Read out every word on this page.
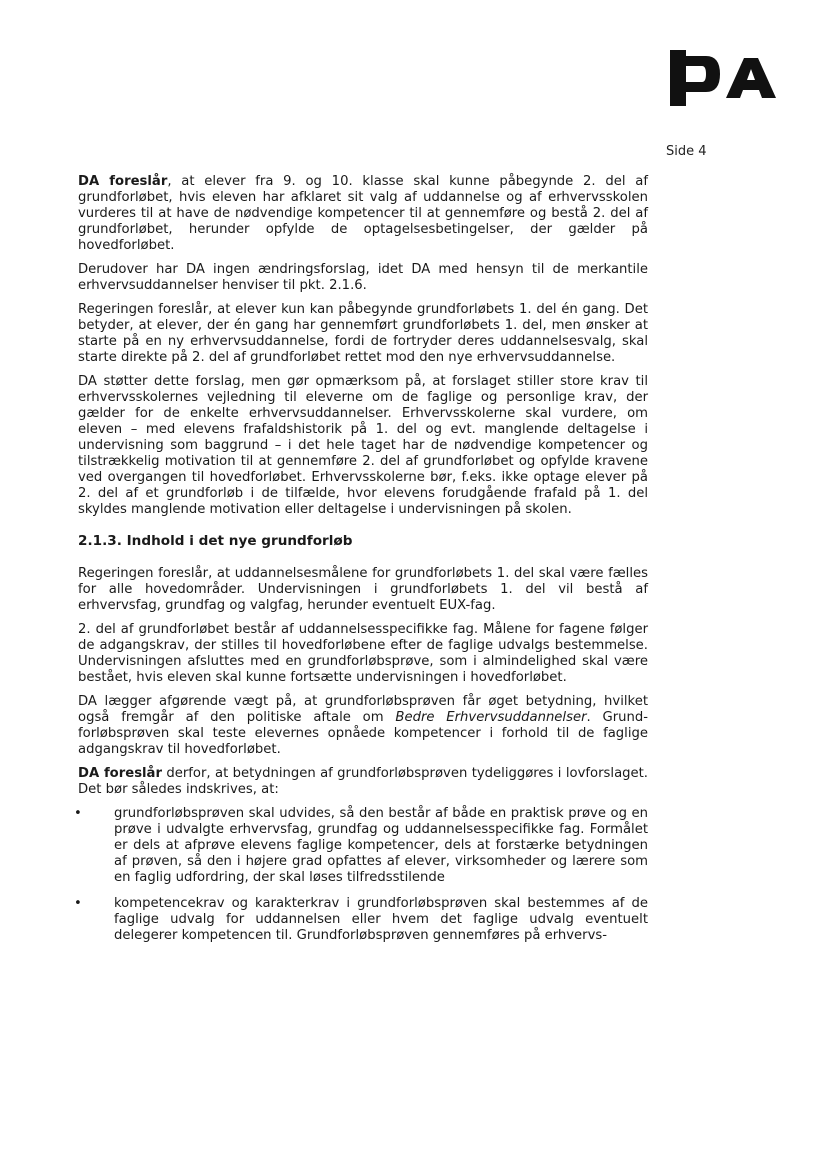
Side 4

DA foreslår, at elever fra 9. og 10. klasse skal kunne påbegynde 2. del af grundforløbet, hvis eleven har afklaret sit valg af uddannelse og af erhvervsskolen vurderes til at have de nødvendige kompetencer til at gennemføre og bestå 2. del af grundforløbet, herunder opfylde de optagelsesbetingelser, der gælder på hovedforløbet.

Derudover har DA ingen ændringsforslag, idet DA med hensyn til de merkantile erhvervsuddannelser henviser til pkt. 2.1.6.

Regeringen foreslår, at elever kun kan påbegynde grundforløbets 1. del én gang. Det betyder, at elever, der én gang har gennemført grundforløbets 1. del, men ønsker at starte på en ny erhvervsuddannelse, fordi de fortryder deres uddannelsesvalg, skal starte direkte på 2. del af grundforløbet rettet mod den nye erhvervsuddannelse.

DA støtter dette forslag, men gør opmærksom på, at forslaget stiller store krav til erhvervsskolernes vejledning til eleverne om de faglige og personlige krav, der gælder for de enkelte erhvervsuddannelser. Erhvervsskolerne skal vurdere, om eleven – med elevens frafaldshistorik på 1. del og evt. manglende deltagelse i undervisning som baggrund – i det hele taget har de nødvendige kompetencer og tilstrækkelig motivation til at gennemføre 2. del af grundforløbet og opfylde kravene ved overgangen til hovedforløbet. Erhvervsskolerne bør, f.eks. ikke optage elever på 2. del af et grundforløb i de tilfælde, hvor elevens forudgående frafald på 1. del skyldes manglende motivation eller deltagelse i undervisningen på skolen.

2.1.3. Indhold i det nye grundforløb

Regeringen foreslår, at uddannelsesmålene for grundforløbets 1. del skal være fælles for alle hovedområder. Undervisningen i grundforløbets 1. del vil bestå af erhvervsfag, grundfag og valgfag, herunder eventuelt EUX-fag.

2. del af grundforløbet består af uddannelsesspecifikke fag. Målene for fagene følger de adgangskrav, der stilles til hovedforløbene efter de faglige udvalgs bestemmelse. Undervisningen afsluttes med en grundforløbsprøve, som i almindelighed skal være bestået, hvis eleven skal kunne fortsætte undervisningen i hovedforløbet.

DA lægger afgørende vægt på, at grundforløbsprøven får øget betydning, hvilket også fremgår af den politiske aftale om Bedre Erhvervsuddannelser. Grundforløbsprøven skal teste elevernes opnåede kompetencer i forhold til de faglige adgangskrav til hovedforløbet.

DA foreslår derfor, at betydningen af grundforløbsprøven tydeliggøres i lovforslaget. Det bør således indskrives, at:

• grundforløbsprøven skal udvides, så den består af både en praktisk prøve og en prøve i udvalgte erhvervsfag, grundfag og uddannelsesspecifikke fag. Formålet er dels at afprøve elevens faglige kompetencer, dels at forstærke betydningen af prøven, så den i højere grad opfattes af elever, virksomheder og lærere som en faglig udfordring, der skal løses tilfredsstilende
• kompetencekrav og karakterkrav i grundforløbsprøven skal bestemmes af de faglige udvalg for uddannelsen eller hvem det faglige udvalg eventuelt delegerer kompetencen til. Grundforløbsprøven gennemføres på erhvervs-
